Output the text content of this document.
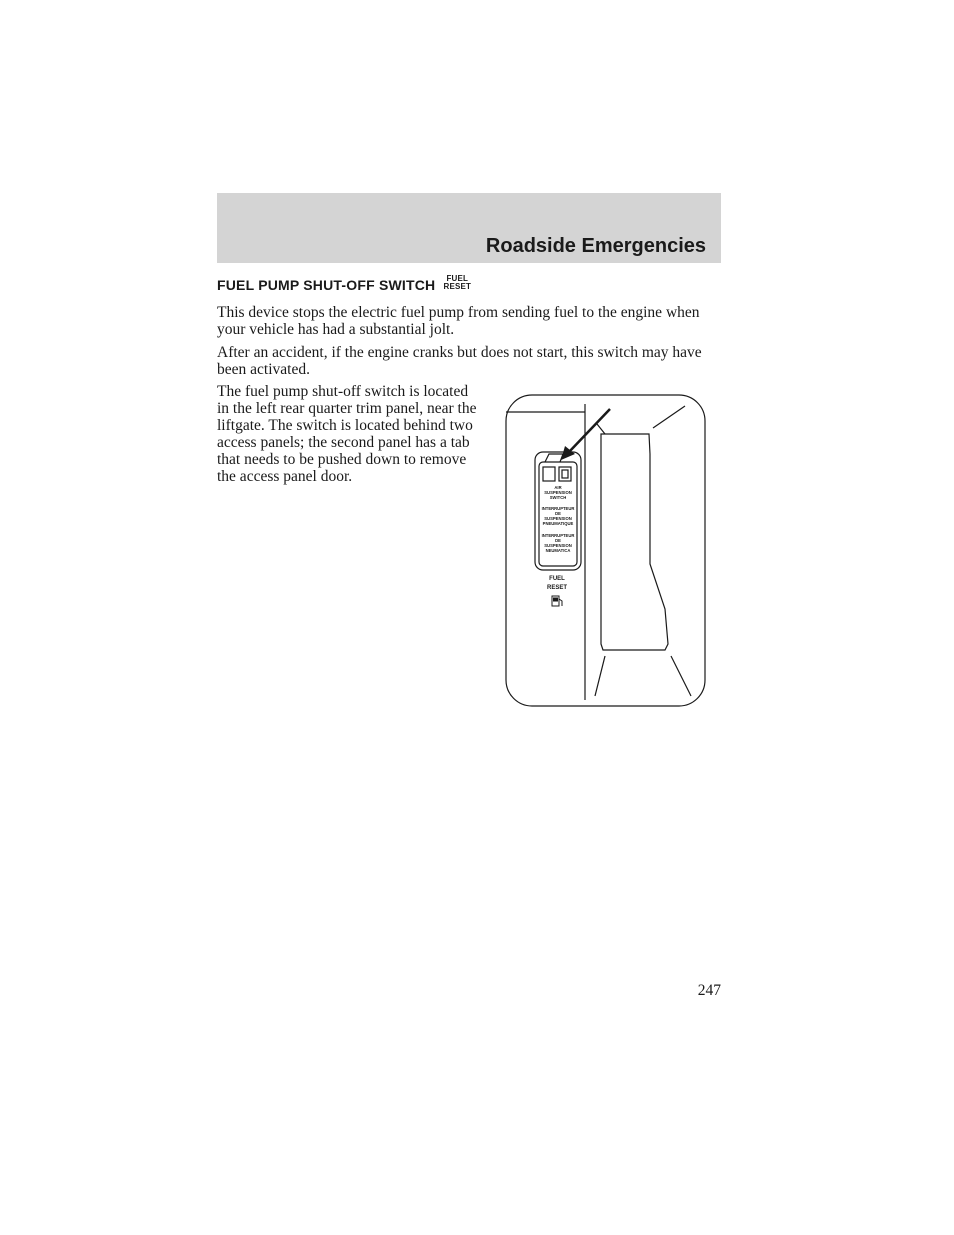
Roadside Emergencies
FUEL PUMP SHUT-OFF SWITCH FUEL
RESET

This device stops the electric fuel pump from sending fuel to the engine when your vehicle has had a substantial jolt.

After an accident, if the engine cranks but does not start, this switch may have been activated.

The fuel pump shut-off switch is located in the left rear quarter trim panel, near the liftgate. The switch is located behind two access panels; the second panel has a tab that needs to be pushed down to remove the access panel door.

AIR
SUSPENSION
SWITCH
INTERRUPTEUR
DE
SUSPENSION
PNEUMATIQUE
INTERRUPTEUR
DE
SUSPENSION
NEUMATICA
FUEL
RESET
247
